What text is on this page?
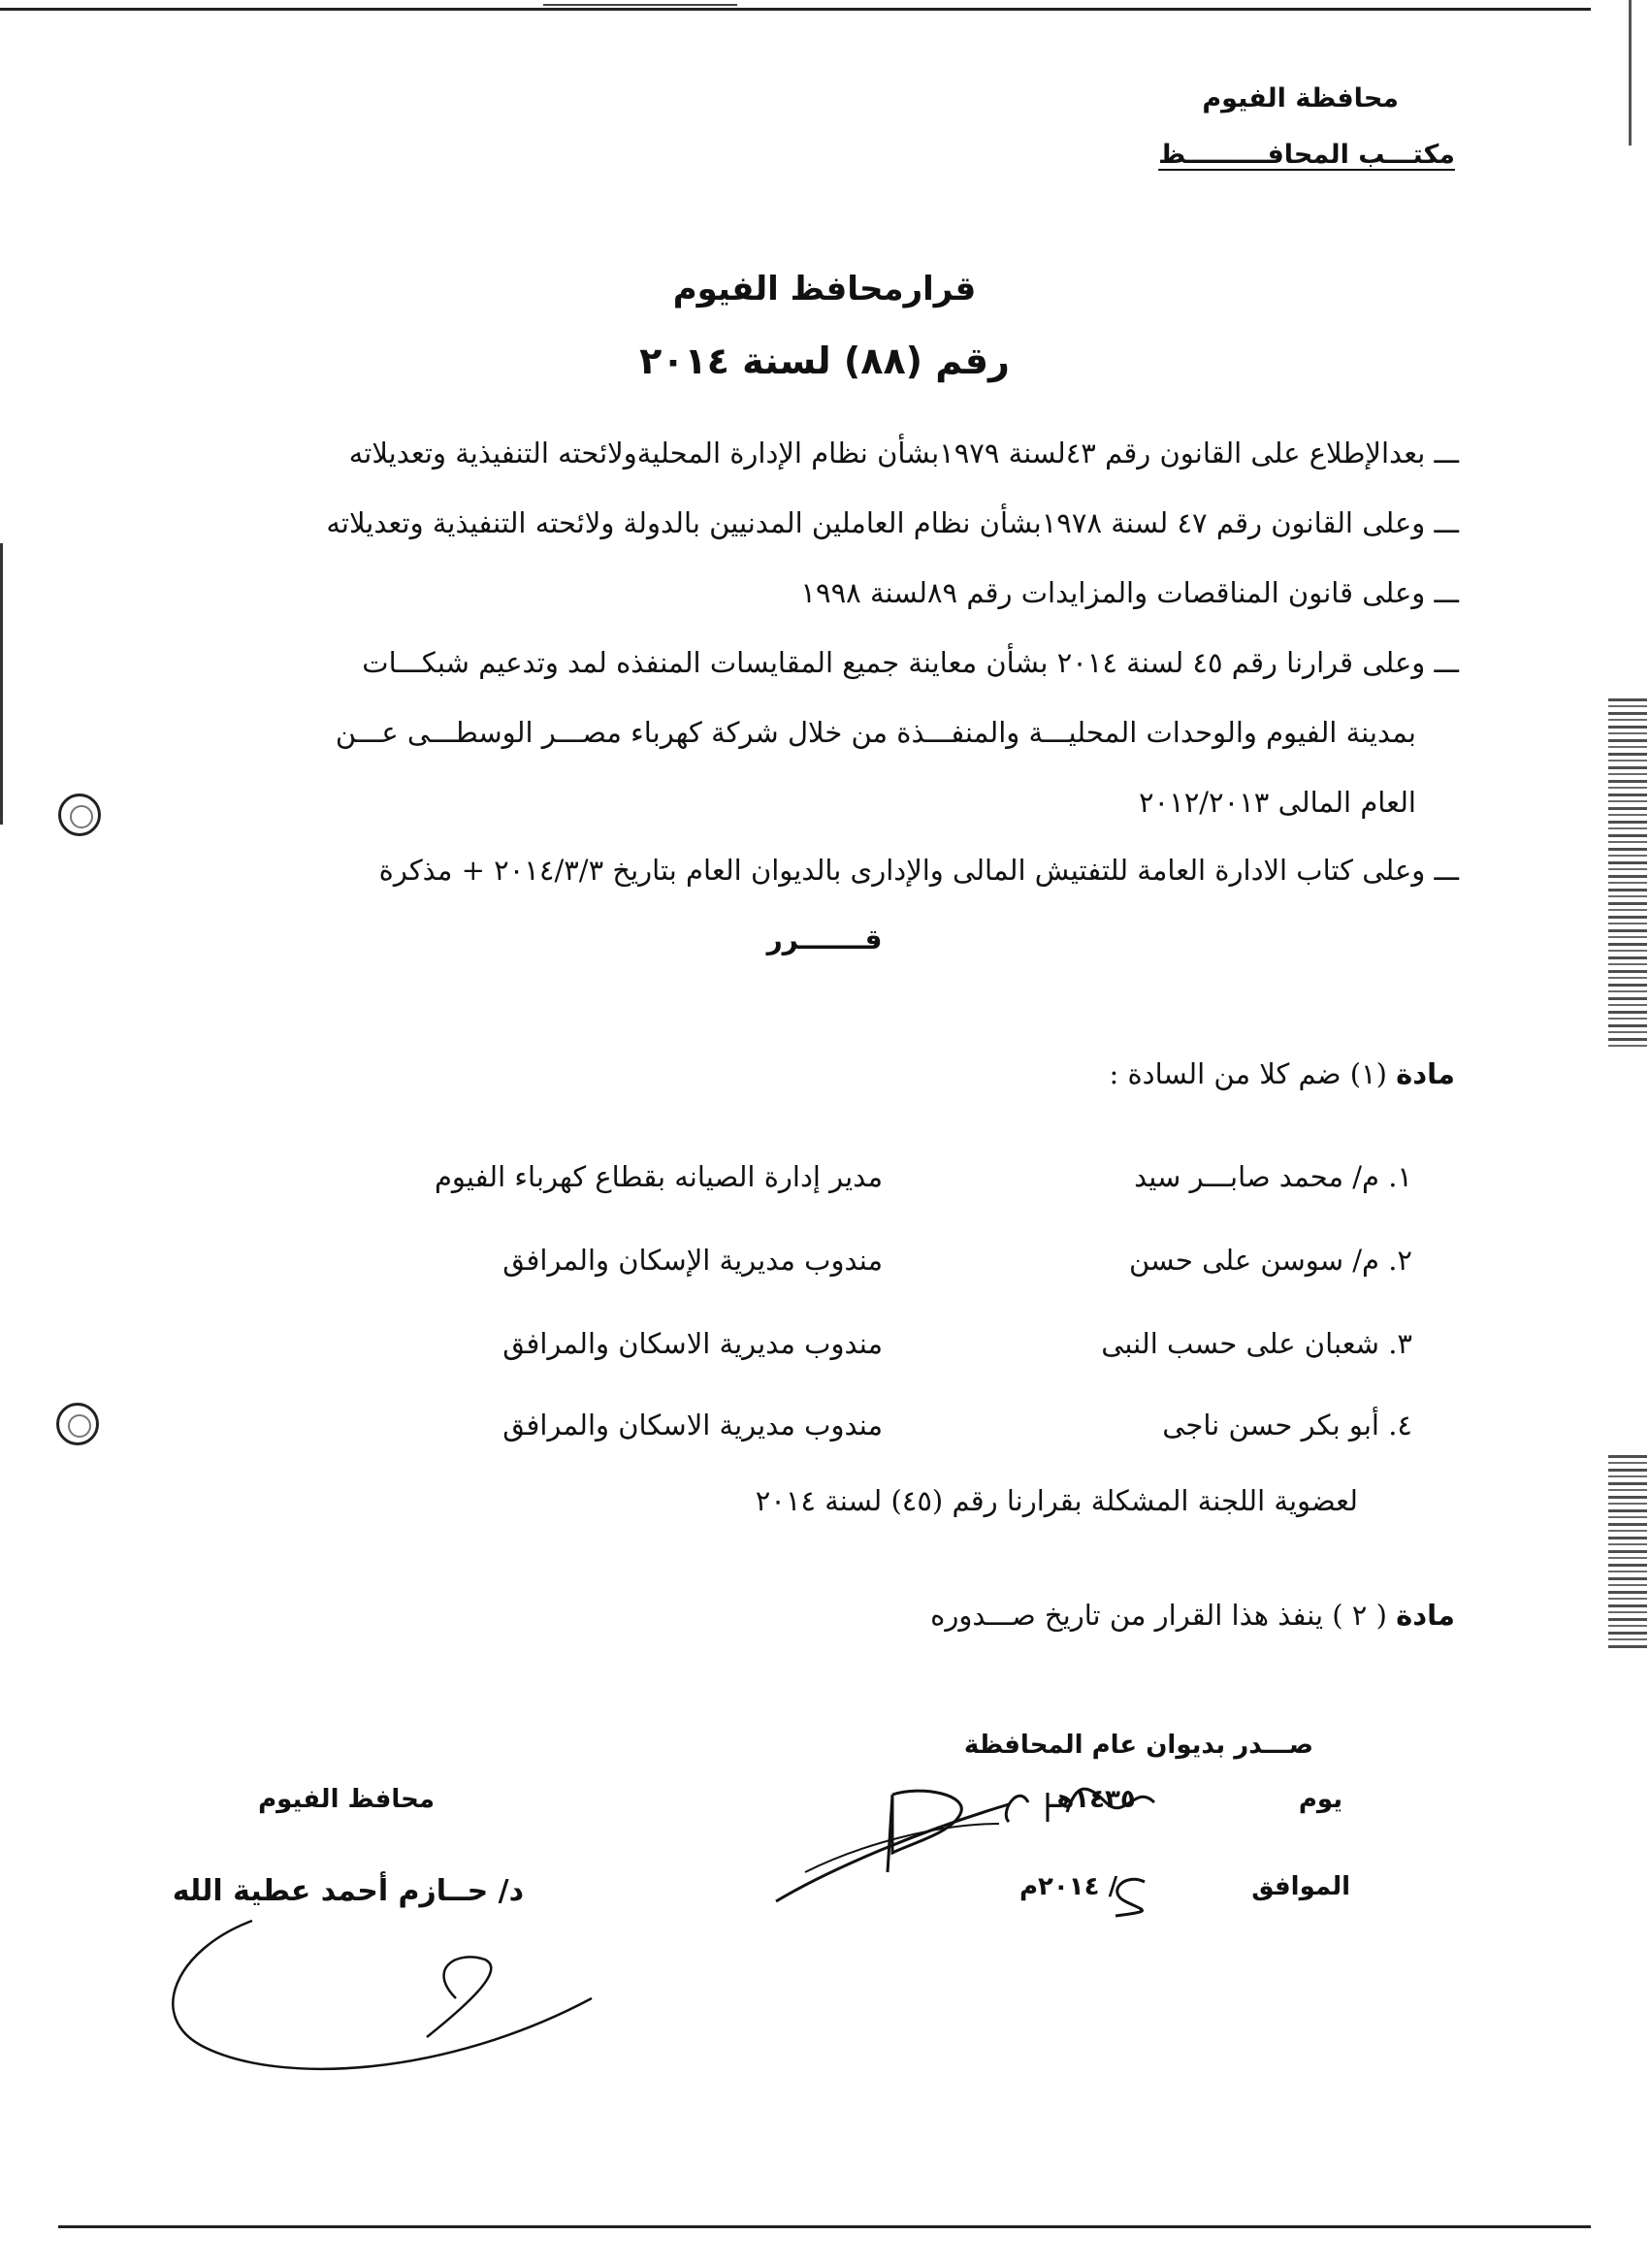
محافظة الفيوم
مكتـــب المحافـــــــــظ
قرارمحافظ الفيوم
رقم (٨٨) لسنة ٢٠١٤
ـــ بعدالإطلاع على القانون رقم ٤٣لسنة ١٩٧٩بشأن نظام الإدارة المحليةولائحته التنفيذية وتعديلاته
ـــ وعلى القانون رقم ٤٧ لسنة ١٩٧٨بشأن نظام العاملين المدنيين بالدولة ولائحته التنفيذية وتعديلاته
ـــ وعلى قانون المناقصات والمزايدات رقم ٨٩لسنة ١٩٩٨
ـــ وعلى قرارنا رقم ٤٥ لسنة ٢٠١٤ بشأن معاينة جميع المقايسات المنفذه لمد وتدعيم شبكـــات
بمدينة الفيوم والوحدات المحليـــة والمنفـــذة من خلال شركة كهرباء مصـــر الوسطـــى عـــن
العام المالى ٢٠١٢/٢٠١٣
ـــ وعلى كتاب الادارة العامة للتفتيش المالى والإدارى بالديوان العام بتاريخ ٢٠١٤/٣/٣ + مذكرة
قـــــــرر
مادة (١) ضم كلا من السادة :
١. م/ محمد صابـــر سيد
مدير إدارة الصيانه بقطاع كهرباء الفيوم
٢. م/ سوسن على حسن
مندوب مديرية الإسكان والمرافق
٣. شعبان على حسب النبى
مندوب مديرية الاسكان والمرافق
٤. أبو بكر حسن ناجى
مندوب مديرية الاسكان والمرافق
لعضوية اللجنة المشكلة بقرارنا رقم (٤٥) لسنة ٢٠١٤
مادة ( ٢ ) ينفذ هذا القرار من تاريخ صـــدوره
صـــدر بديوان عام المحافظة
يوم  ١٤٣٥هـ
الموافق  / ٢٠١٤م
محافظ الفيوم
د/ حــازم أحمد عطية الله
